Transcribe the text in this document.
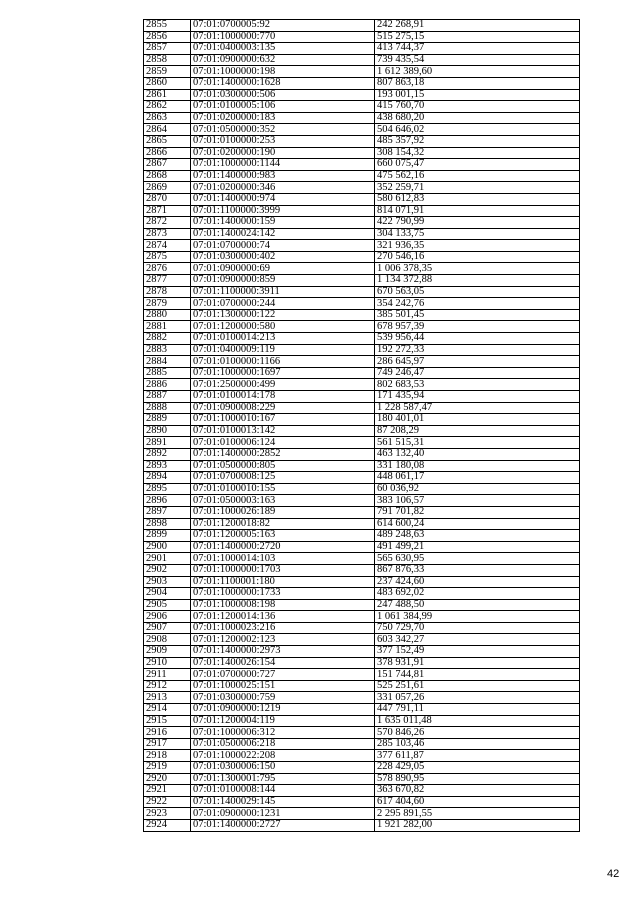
2855	07:01:0700005:92	242 268,91
2856	07:01:1000000:770	515 275,15
2857	07:01:0400003:135	413 744,37
2858	07:01:0900000:632	739 435,54
2859	07:01:1000000:198	1 612 389,60
2860	07:01:1400000:1628	807 863,18
2861	07:01:0300000:506	193 001,15
2862	07:01:0100005:106	415 760,70
2863	07:01:0200000:183	438 680,20
2864	07:01:0500000:352	504 646,02
2865	07:01:0100000:253	485 357,92
2866	07:01:0200000:190	308 154,32
2867	07:01:1000000:1144	660 075,47
2868	07:01:1400000:983	475 562,16
2869	07:01:0200000:346	352 259,71
2870	07:01:1400000:974	580 612,83
2871	07:01:1100000:3999	814 071,91
2872	07:01:1400000:159	422 790,99
2873	07:01:1400024:142	304 133,75
2874	07:01:0700000:74	321 936,35
2875	07:01:0300000:402	270 546,16
2876	07:01:0900000:69	1 006 378,35
2877	07:01:0900000:859	1 134 372,88
2878	07:01:1100000:3911	670 563,05
2879	07:01:0700000:244	354 242,76
2880	07:01:1300000:122	385 501,45
2881	07:01:1200000:580	678 957,39
2882	07:01:0100014:213	539 956,44
2883	07:01:0400009:119	192 272,33
2884	07:01:0100000:1166	286 645,97
2885	07:01:1000000:1697	749 246,47
2886	07:01:2500000:499	802 683,53
2887	07:01:0100014:178	171 435,94
2888	07:01:0900008:229	1 228 587,47
2889	07:01:1000010:167	180 401,01
2890	07:01:0100013:142	87 208,29
2891	07:01:0100006:124	561 515,31
2892	07:01:1400000:2852	463 132,40
2893	07:01:0500000:805	331 180,08
2894	07:01:0700008:125	448 061,17
2895	07:01:0100010:155	60 036,92
2896	07:01:0500003:163	383 106,57
2897	07:01:1000026:189	791 701,82
2898	07:01:1200018:82	614 600,24
2899	07:01:1200005:163	489 248,63
2900	07:01:1400000:2720	491 499,21
2901	07:01:1000014:103	565 630,95
2902	07:01:1000000:1703	867 876,33
2903	07:01:1100001:180	237 424,60
2904	07:01:1000000:1733	483 692,02
2905	07:01:1000008:198	247 488,50
2906	07:01:1200014:136	1 061 384,99
2907	07:01:1000023:216	750 729,70
2908	07:01:1200002:123	603 342,27
2909	07:01:1400000:2973	377 152,49
2910	07:01:1400026:154	378 931,91
2911	07:01:0700000:727	151 744,81
2912	07:01:1000025:151	525 251,61
2913	07:01:0300000:759	331 057,26
2914	07:01:0900000:1219	447 791,11
2915	07:01:1200004:119	1 635 011,48
2916	07:01:1000006:312	570 846,26
2917	07:01:0500006:218	285 103,46
2918	07:01:1000022:208	377 611,87
2919	07:01:0300006:150	228 429,05
2920	07:01:1300001:795	578 890,95
2921	07:01:0100008:144	363 670,82
2922	07:01:1400029:145	617 404,60
2923	07:01:0900000:1231	2 295 891,55
2924	07:01:1400000:2727	1 921 282,00
42
